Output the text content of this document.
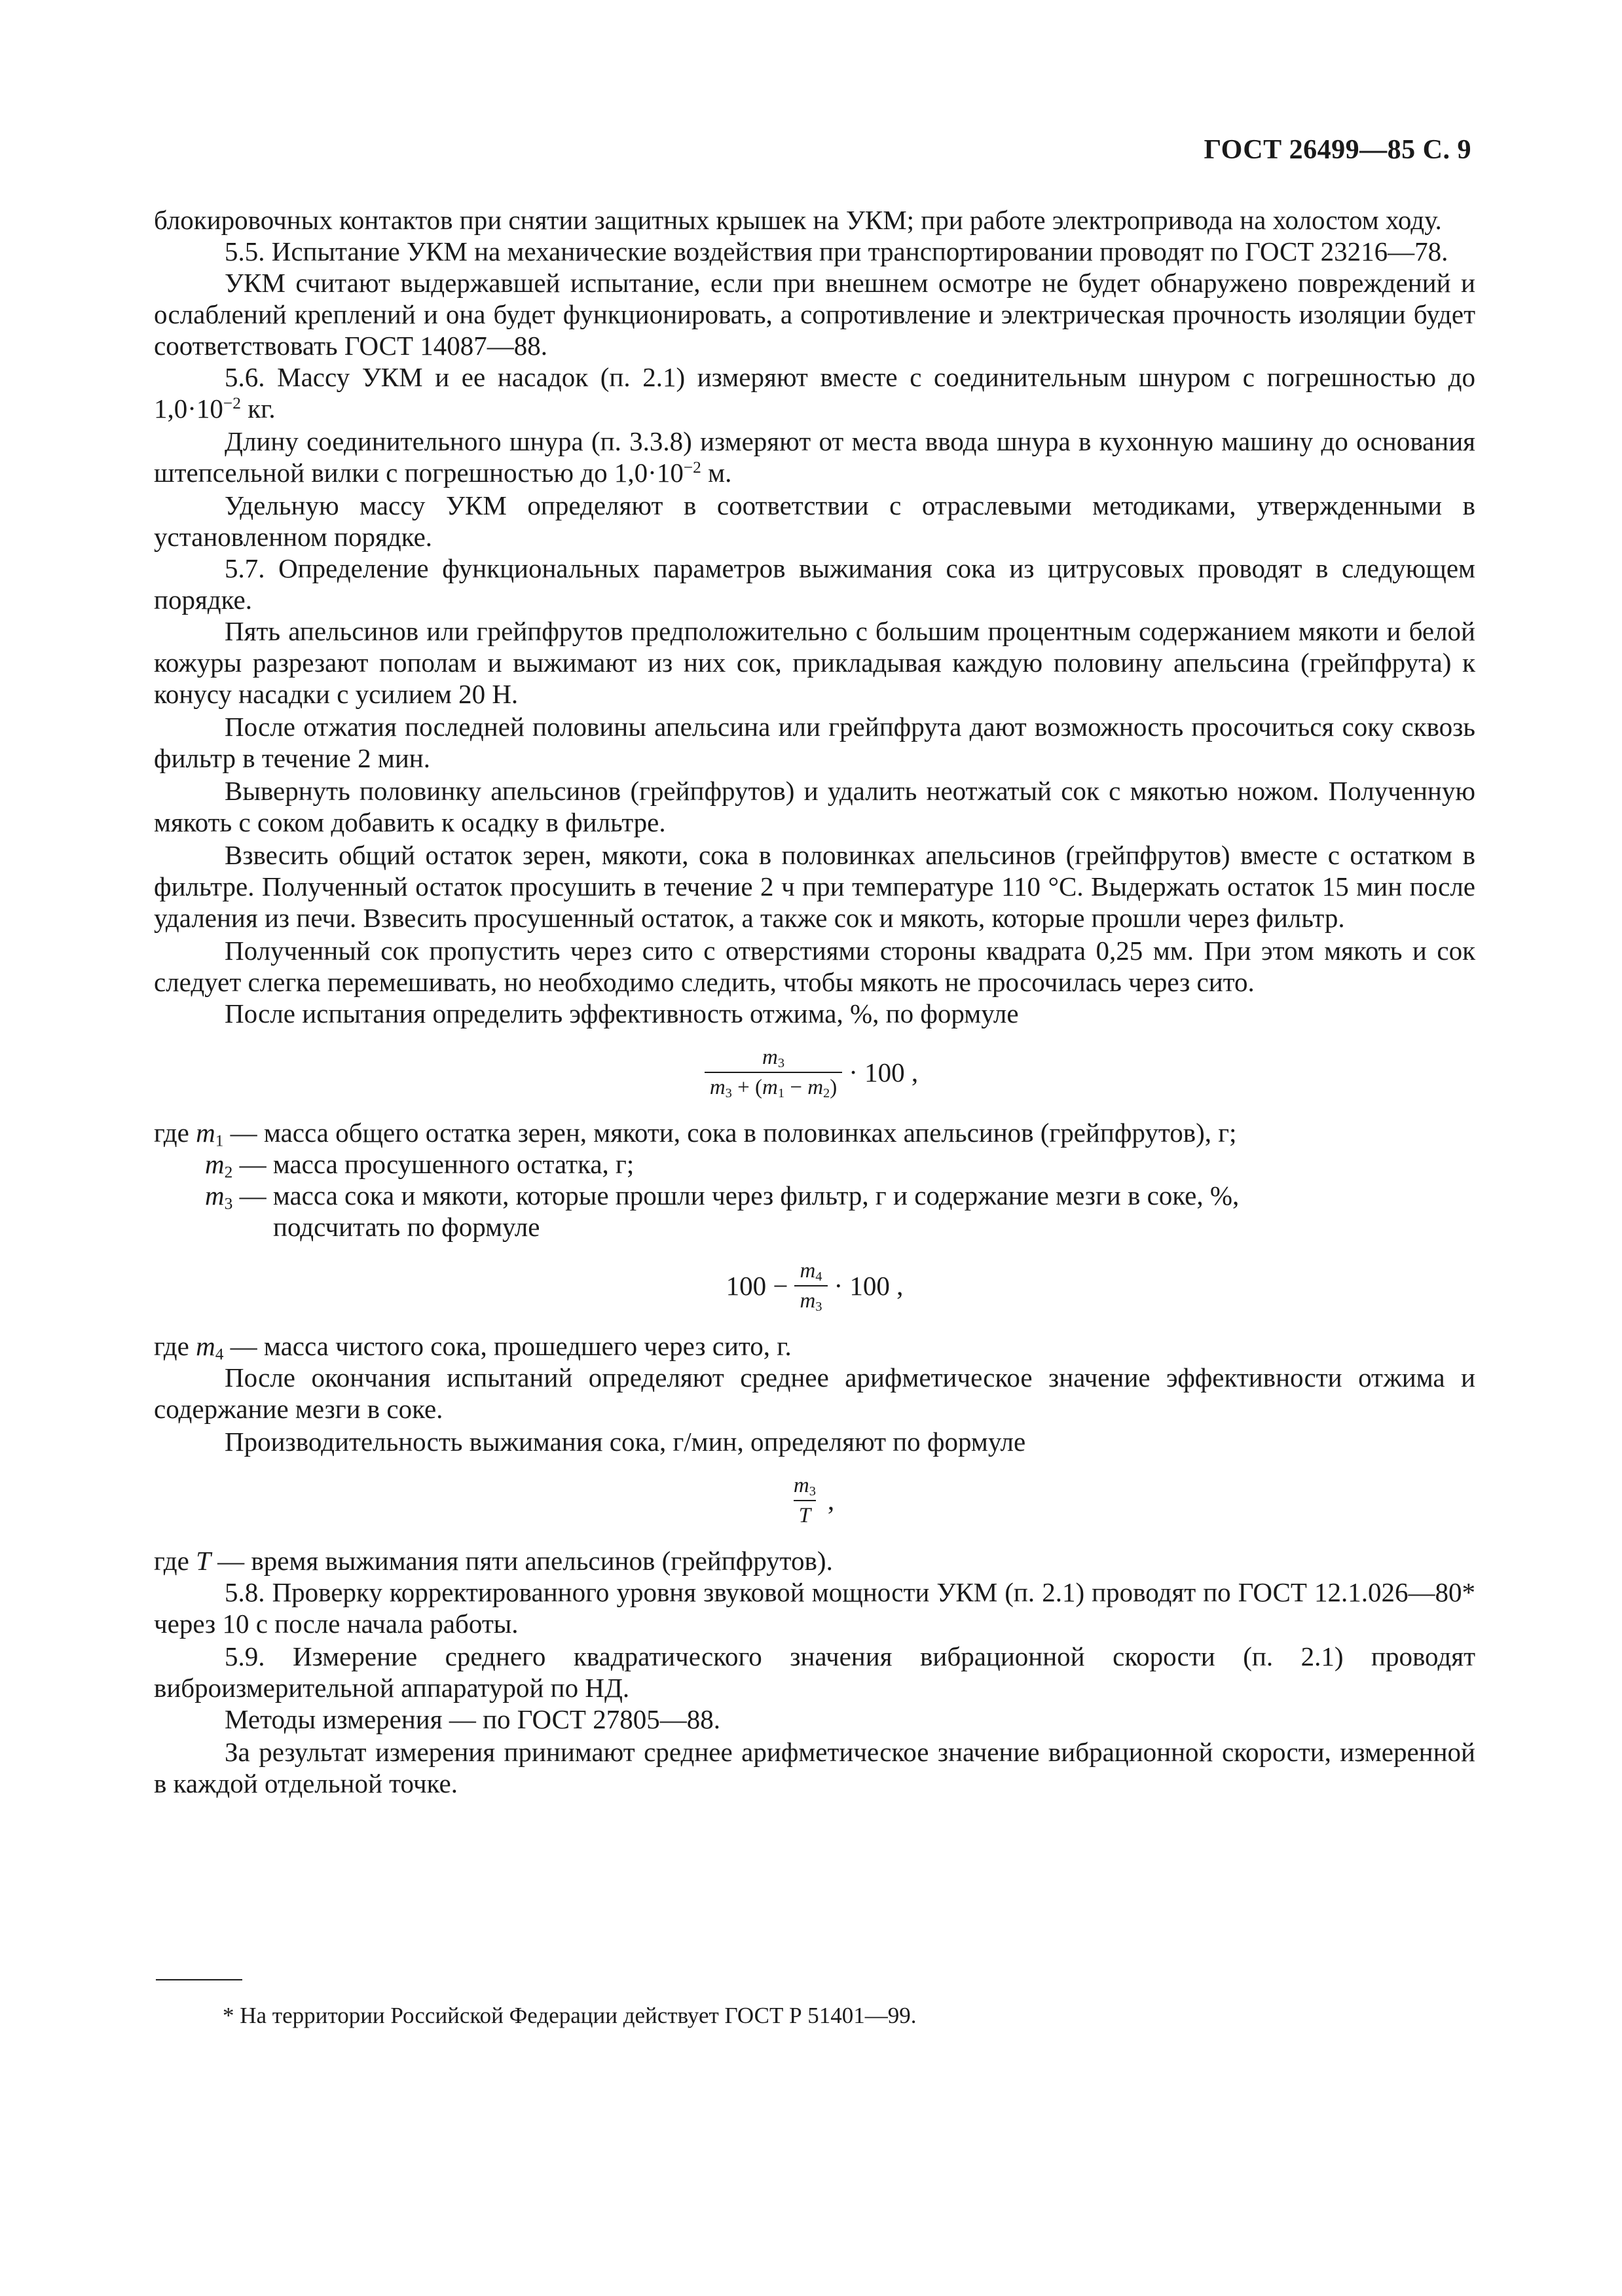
ГОСТ 26499—85 С. 9

блокировочных контактов при снятии защитных крышек на УКМ; при работе электропривода на холостом ходу.

5.5. Испытание УКМ на механические воздействия при транспортировании проводят по ГОСТ 23216—78.

УКМ считают выдержавшей испытание, если при внешнем осмотре не будет обнаружено повреждений и ослаблений креплений и она будет функционировать, а сопротивление и электрическая прочность изоляции будет соответствовать ГОСТ 14087—88.

5.6. Массу УКМ и ее насадок (п. 2.1) измеряют вместе с соединительным шнуром с погрешностью до $1,0\cdot 10^{-2}$ кг.

Длину соединительного шнура (п. 3.3.8) измеряют от места ввода шнура в кухонную машину до основания штепсельной вилки с погрешностью до $1,0\cdot 10^{-2}$ м.

Удельную массу УКМ определяют в соответствии с отраслевыми методиками, утвержденными в установленном порядке.

5.7. Определение функциональных параметров выжимания сока из цитрусовых проводят в следующем порядке.

Пять апельсинов или грейпфрутов предположительно с большим процентным содержанием мякоти и белой кожуры разрезают пополам и выжимают из них сок, прикладывая каждую половину апельсина (грейпфрута) к конусу насадки с усилием 20 Н.

После отжатия последней половины апельсина или грейпфрута дают возможность просочиться соку сквозь фильтр в течение 2 мин.

Вывернуть половинку апельсинов (грейпфрутов) и удалить неотжатый сок с мякотью ножом. Полученную мякоть с соком добавить к осадку в фильтре.

Взвесить общий остаток зерен, мякоти, сока в половинках апельсинов (грейпфрутов) вместе с остатком в фильтре. Полученный остаток просушить в течение 2 ч при температуре 110 °С. Выдержать остаток 15 мин после удаления из печи. Взвесить просушенный остаток, а также сок и мякоть, которые прошли через фильтр.

Полученный сок пропустить через сито с отверстиями стороны квадрата 0,25 мм. При этом мякоть и сок следует слегка перемешивать, но необходимо следить, чтобы мякоть не просочилась через сито.

После испытания определить эффективность отжима, %, по формуле

$\frac{m_3}{m_3 + (m_1 - m_2)} \cdot 100$ ,

где $m_1$ — масса общего остатка зерен, мякоти, сока в половинках апельсинов (грейпфрутов), г;

$m_2$ — масса просушенного остатка, г;

$m_3$ — масса сока и мякоти, которые прошли через фильтр, г и содержание мезги в соке, %,

подсчитать по формуле

$100 - \frac{m_4}{m_3} \cdot 100$ ,

где $m_4$ — масса чистого сока, прошедшего через сито, г.

После окончания испытаний определяют среднее арифметическое значение эффективности отжима и содержание мезги в соке.

Производительность выжимания сока, г/мин, определяют по формуле

$\frac{m_3}{T}$ ,

где T — время выжимания пяти апельсинов (грейпфрутов).

5.8. Проверку корректированного уровня звуковой мощности УКМ (п. 2.1) проводят по ГОСТ 12.1.026—80* через 10 с после начала работы.

5.9. Измерение среднего квадратического значения вибрационной скорости (п. 2.1) проводят виброизмерительной аппаратурой по НД.

Методы измерения — по ГОСТ 27805—88.

За результат измерения принимают среднее арифметическое значение вибрационной скорости, измеренной в каждой отдельной точке.

* На территории Российской Федерации действует ГОСТ Р 51401—99.
